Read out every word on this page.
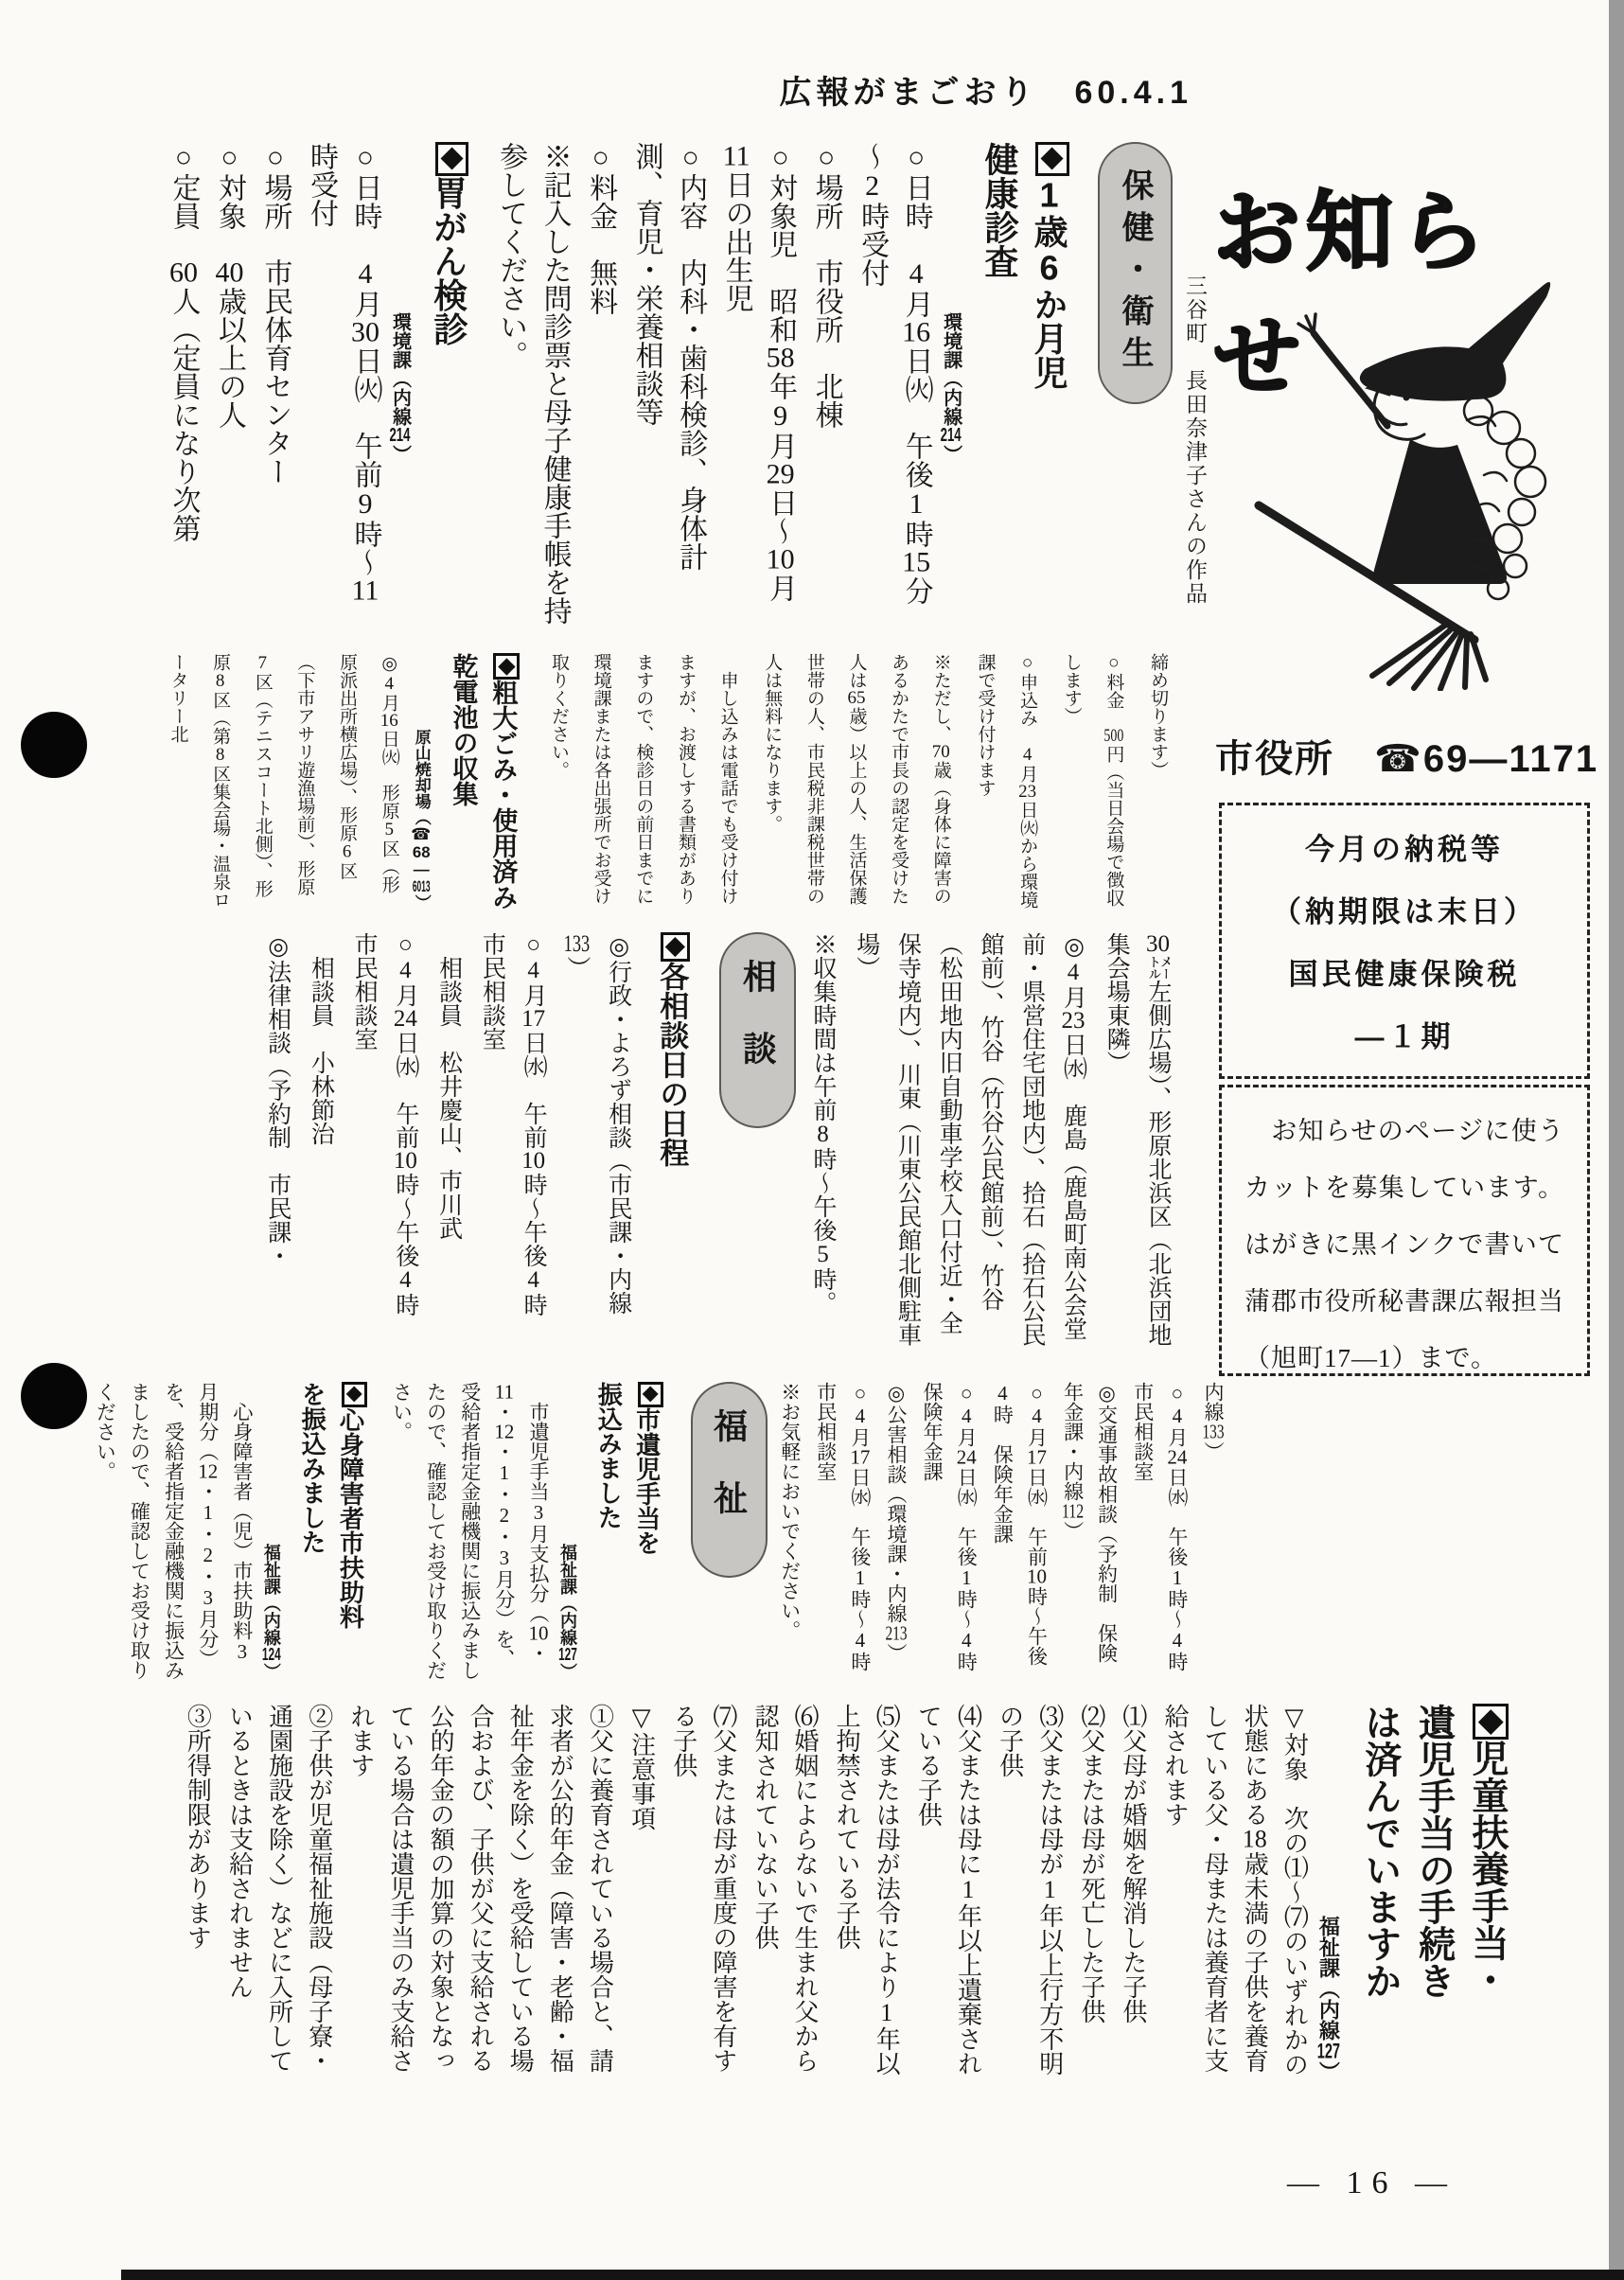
広報がまごおり　60.4.1
お知らせ
三谷町　長田奈津子さんの作品
市役所　☎69―1171
今月の納税等
（納期限は末日）
国民健康保険税
―１期
　お知らせのページに使うカットを募集しています。はがきに黒インクで書いて蒲郡市役所秘書課広報担当（旭町17―1）まで。
保健・衛生
1歳6か月児
健康診査
環境課（内線214）
○日時　4月16日㈫　午後1時15分～2時受付
○場所　市役所　北棟
○対象児　昭和58年9月29日～10月11日の出生児
○内容　内科・歯科検診、身体計測、育児・栄養相談等
○料金　無料
※記入した問診票と母子健康手帳を持参してください。
胃がん検診
環境課（内線214）
○日時　4月30日㈫　午前9時～11時受付
○場所　市民体育センター
○対象　40歳以上の人
○定員　60人（定員になり次第
締め切ります）
○料金　500円（当日会場で徴収します）
○申込み　4月23日㈫から環境課で受け付けます
※ただし、70歳（身体に障害のあるかたで市長の認定を受けた人は65歳）以上の人、生活保護世帯の人、市民税非課税世帯の人は無料になります。
　申し込みは電話でも受け付けますが、お渡しする書類がありますので、検診日の前日までに環境課または各出張所でお受け取りください。
粗大ごみ・使用済み
乾電池の収集
原山焼却場（☎68―6013）
◎4月16日㈫　形原5区（形原派出所横広場）、形原6区（下市アサリ遊漁場前）、形原7区（テニスコート北側）、形原8区（第8区集会場・温泉ロータリー北
30㍍左側広場）、形原北浜区（北浜団地集会場東隣）
◎4月23日㈬　鹿島（鹿島町南公会堂前・県営住宅団地内）、拾石（拾石公民館前）、竹谷（竹谷公民館前）、竹谷（松田地内旧自動車学校入口付近・全保寺境内）、川東（川東公民館北側駐車場）
※収集時間は午前8時～午後5時。
相談
各相談日の日程
◎行政・よろず相談（市民課・内線133）
○4月17日㈬　午前10時～午後4時　市民相談室
　相談員　松井慶山、市川武
○4月24日㈬　午前10時～午後4時　市民相談室
　相談員　小林節治
◎法律相談（予約制　市民課・
内線133）
○4月24日㈬　午後1時～4時　市民相談室
◎交通事故相談（予約制　保険年金課・内線112）
○4月17日㈬　午前10時～午後4時　保険年金課
○4月24日㈬　午後1時～4時　保険年金課
◎公害相談（環境課・内線213）
○4月17日㈬　午後1時～4時　市民相談室
※お気軽においでください。
福祉
市遺児手当を
振込みました
福祉課（内線127）
　市遺児手当3月支払分（10・11・12・1・2・3月分）を、受給者指定金融機関に振込みましたので、確認してお受け取りください。
心身障害者市扶助料
を振込みました
福祉課（内線124）
　心身障害者（児）市扶助料3月期分（12・1・2・3月分）を、受給者指定金融機関に振込みましたので、確認してお受け取りください。
児童扶養手当・
遺児手当の手続き
は済んでいますか
福祉課（内線127）
▽対象　次の⑴～⑺のいずれかの状態にある18歳未満の子供を養育している父・母または養育者に支給されます
⑴父母が婚姻を解消した子供
⑵父または母が死亡した子供
⑶父または母が1年以上行方不明の子供
⑷父または母に1年以上遺棄されている子供
⑸父または母が法令により1年以上拘禁されている子供
⑹婚姻によらないで生まれ父から認知されていない子供
⑺父または母が重度の障害を有する子供
▽注意事項
①父に養育されている場合と、請求者が公的年金（障害・老齢・福祉年金を除く）を受給している場合および、子供が父に支給される公的年金の額の加算の対象となっている場合は遺児手当のみ支給されます
②子供が児童福祉施設（母子寮・通園施設を除く）などに入所しているときは支給されません
③所得制限があります
― 16 ―
